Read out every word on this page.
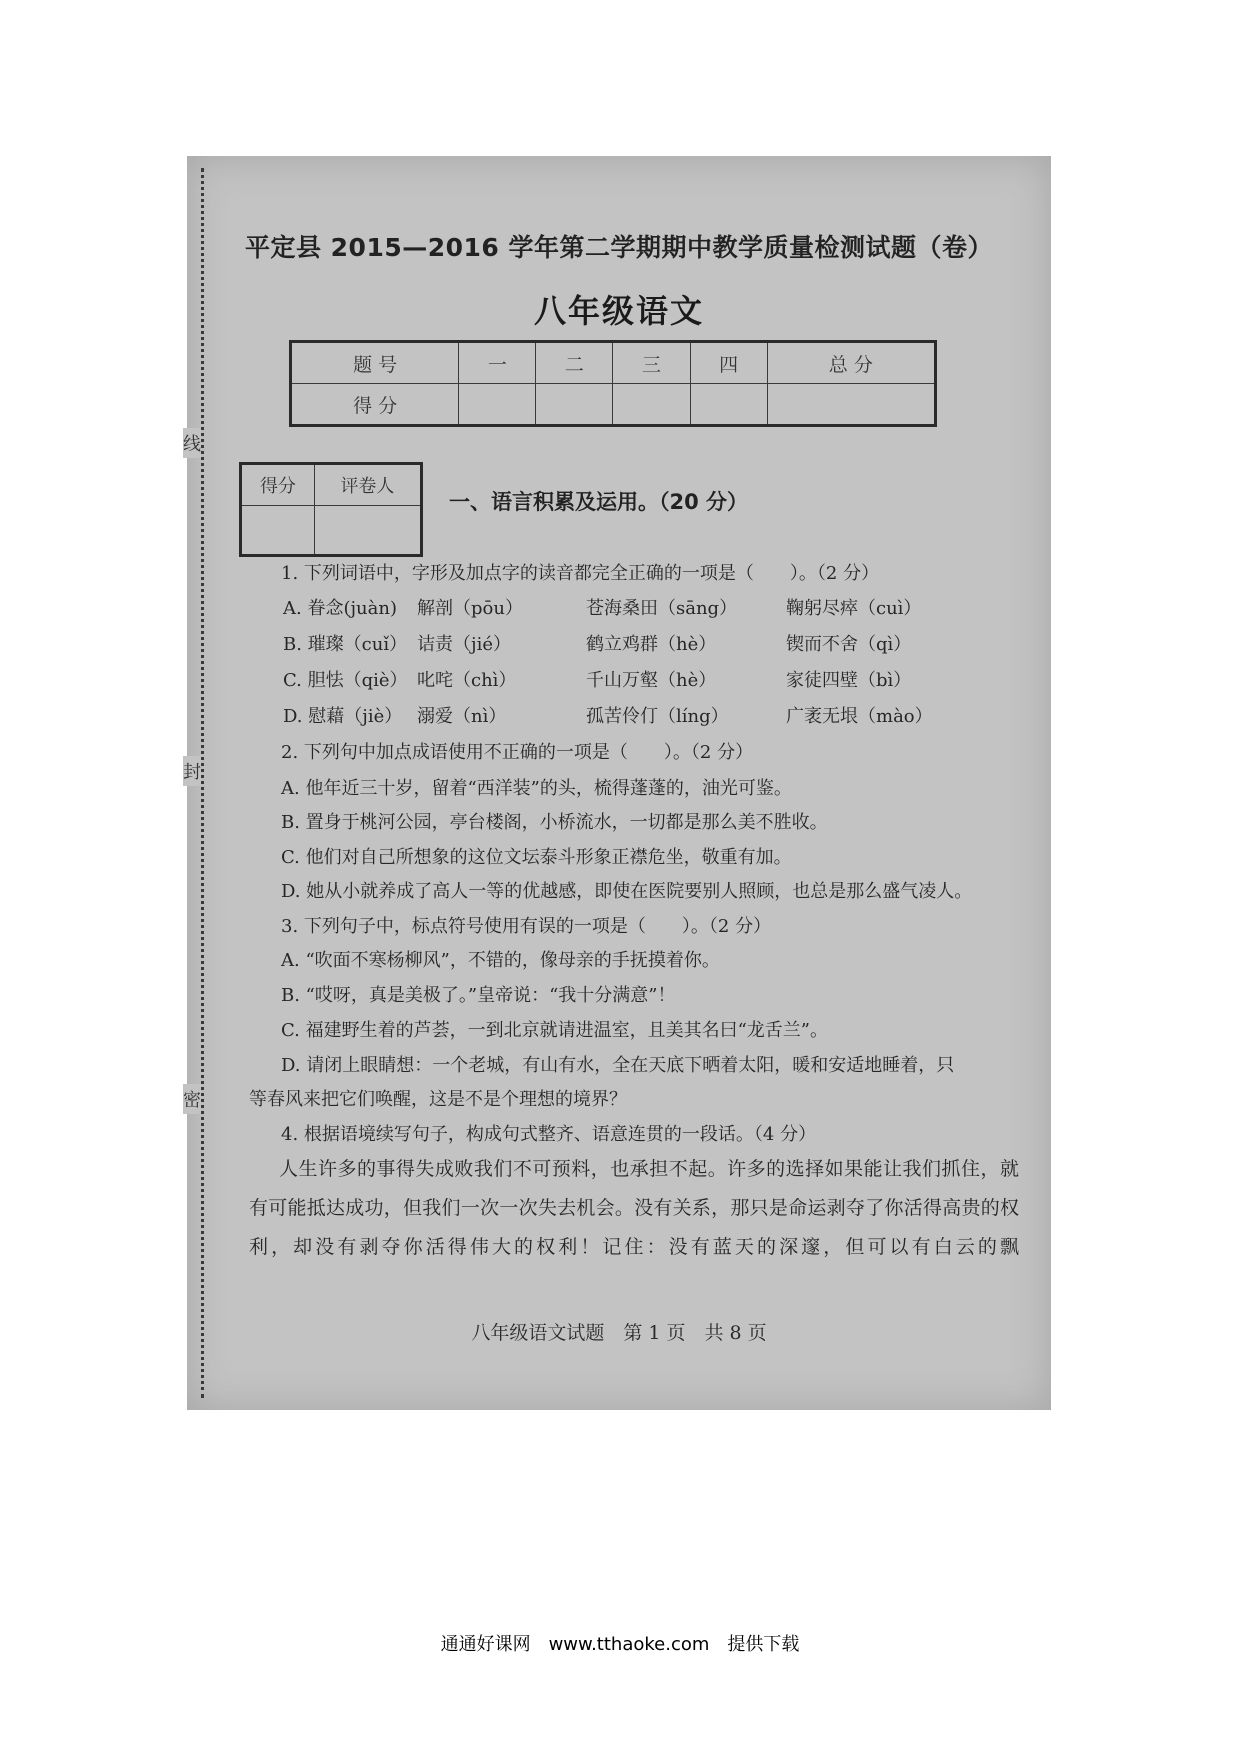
线
封
密
平定县 2015—2016 学年第二学期期中教学质量检测试题（卷）
八年级语文
题 号	一	二	三	四	总 分
得 分					
得分	评卷人

一、语言积累及运用。（20 分）
1. 下列词语中，字形及加点字的读音都完全正确的一项是（　　）。（2 分）
A. 眷念(juàn) 解剖（pōu）	苍海桑田（sāng）	鞠躬尽瘁（cuì）
B. 璀璨（cuǐ） 诘责（jié）	鹤立鸡群（hè）	锲而不舍（qì）
C. 胆怯（qiè） 叱咤（chì）	千山万壑（hè）	家徒四壁（bì）
D. 慰藉（jiè） 溺爱（nì）	孤苦伶仃（líng）	广袤无垠（mào）
2. 下列句中加点成语使用不正确的一项是（　　）。（2 分）
A. 他年近三十岁，留着“西洋装”的头，梳得蓬蓬的，油光可鉴。
B. 置身于桃河公园，亭台楼阁，小桥流水，一切都是那么美不胜收。
C. 他们对自己所想象的这位文坛泰斗形象正襟危坐，敬重有加。
D. 她从小就养成了高人一等的优越感，即使在医院要别人照顾，也总是那么盛气凌人。
3. 下列句子中，标点符号使用有误的一项是（　　）。（2 分）
A. “吹面不寒杨柳风”，不错的，像母亲的手抚摸着你。
B. “哎呀，真是美极了。”皇帝说：“我十分满意”！
C. 福建野生着的芦荟，一到北京就请进温室，且美其名曰“龙舌兰”。
D. 请闭上眼睛想：一个老城，有山有水，全在天底下晒着太阳，暖和安适地睡着，只
等春风来把它们唤醒，这是不是个理想的境界？
4. 根据语境续写句子，构成句式整齐、语意连贯的一段话。（4 分）
人生许多的事得失成败我们不可预料，也承担不起。许多的选择如果能让我们抓住，就
有可能抵达成功，但我们一次一次失去机会。没有关系，那只是命运剥夺了你活得高贵的权
利，却没有剥夺你活得伟大的权利！记住：没有蓝天的深邃，但可以有白云的飘
八年级语文试题　第 1 页　共 8 页
通通好课网　www.tthaoke.com　提供下载
